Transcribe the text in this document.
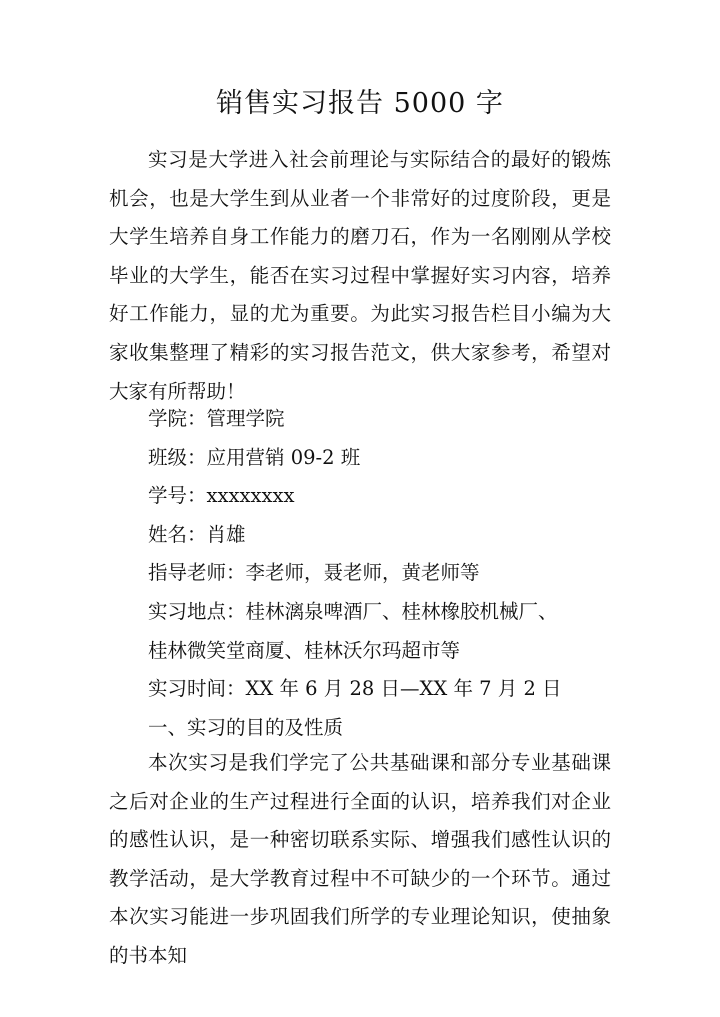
销售实习报告 5000 字

实习是大学进入社会前理论与实际结合的最好的锻炼机会，也是大学生到从业者一个非常好的过度阶段，更是大学生培养自身工作能力的磨刀石，作为一名刚刚从学校毕业的大学生，能否在实习过程中掌握好实习内容，培养好工作能力，显的尤为重要。为此实习报告栏目小编为大家收集整理了精彩的实习报告范文，供大家参考，希望对大家有所帮助！

学院：管理学院
班级：应用营销 09-2 班
学号：xxxxxxxx
姓名：肖雄
指导老师：李老师，聂老师，黄老师等
实习地点：桂林漓泉啤酒厂、桂林橡胶机械厂、
桂林微笑堂商厦、桂林沃尔玛超市等
实习时间：XX 年 6 月 28 日—XX 年 7 月 2 日
一、实习的目的及性质

本次实习是我们学完了公共基础课和部分专业基础课之后对企业的生产过程进行全面的认识，培养我们对企业的感性认识，是一种密切联系实际、增强我们感性认识的教学活动，是大学教育过程中不可缺少的一个环节。通过本次实习能进一步巩固我们所学的专业理论知识，使抽象的书本知
